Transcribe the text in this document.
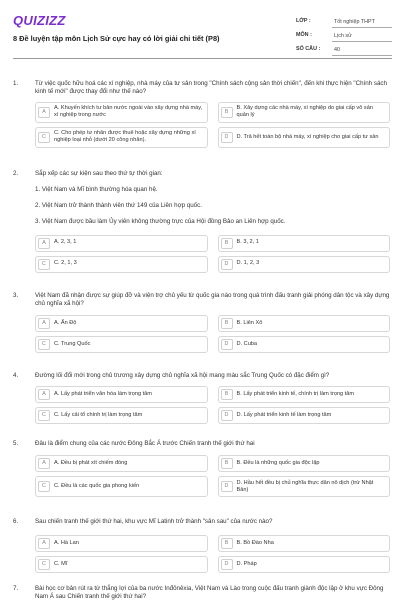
QUIZIZZ
8 Đề luyện tập môn Lịch Sử cực hay có lời giải chi tiết (P8)
LỚP :	Tốt nghiệp THPT
MÔN :	Lịch sử
SỐ CÂU :	40
1.	Từ việc quốc hữu hoá các xí nghiệp, nhà máy của tư sản trong "Chính sách cộng sản thời chiến", đến khi thực hiện "Chính sách kinh tế mới" được thay đổi như thế nào?
A
A. Khuyến khích tư bản nước ngoài vào xây dựng nhà máy, xí nghiệp trong nước
B
B. Xây dựng các nhà máy, xí nghiệp do giai cấp vô sản quản lý
C
C. Cho phép tư nhân được thuê hoặc xây dựng những xí nghiệp loại nhỏ (dưới 20 công nhân).
D	D. Trả hết toàn bộ nhà máy, xí nghiệp cho giai cấp tư sản
2.	Sắp xếp các sự kiện sau theo thứ tự thời gian:
1. Việt Nam và Mĩ bình thường hóa quan hệ.
2. Việt Nam trở thành thành viên thứ 149 của Liên hợp quốc.
3. Việt Nam được bầu làm Ủy viên không thường trực của Hội đồng Bảo an Liên hợp quốc.
A	A. 2, 3, 1	B	B. 3, 2, 1
C	C. 2, 1, 3	D	D. 1, 2, 3
3.	Việt Nam đã nhận được sự giúp đỡ và viện trợ chủ yếu từ quốc gia nào trong quá trình đấu tranh giải phóng dân tộc và xây dựng chủ nghĩa xã hội?
A	A. Ấn Độ	B	B. Liên Xô
C	C. Trung Quốc	D	D. Cuba
4.	Đường lối đổi mới trong chủ trương xây dựng chủ nghĩa xã hội mang màu sắc Trung Quốc có đặc điểm gì?
A	A. Lấy phát triển văn hóa làm trọng tâm	B	B. Lấy phát triển kinh tế, chính trị làm trọng tâm
C	C. Lấy cải tổ chính trị làm trọng tâm	D	D. Lấy phát triển kinh tế làm trọng tâm
5.	Đâu là điểm chung của các nước Đông Bắc Á trước Chiến tranh thế giới thứ hai
A	A. Đều bị phát xít chiếm đóng	B	B. Đều là những quốc gia độc lập
C	C. Đều là các quốc gia phong kiến	D
D. Hầu hết đều bị chủ nghĩa thực dân nô dịch (trừ Nhật Bản)
6.	Sau chiến tranh thế giới thứ hai, khu vực Mĩ Latinh trở thành "sân sau" của nước nào?
A	A. Hà Lan	B	B. Bồ Đào Nha
C	C. Mĩ	D	D. Pháp
7.	Bài học cơ bản rút ra từ thắng lợi của ba nước Inđônêxia, Việt Nam và Lào trong cuộc đấu tranh giành độc lập ở khu vực Đông Nam Á sau Chiến tranh thế giới thứ hai?
